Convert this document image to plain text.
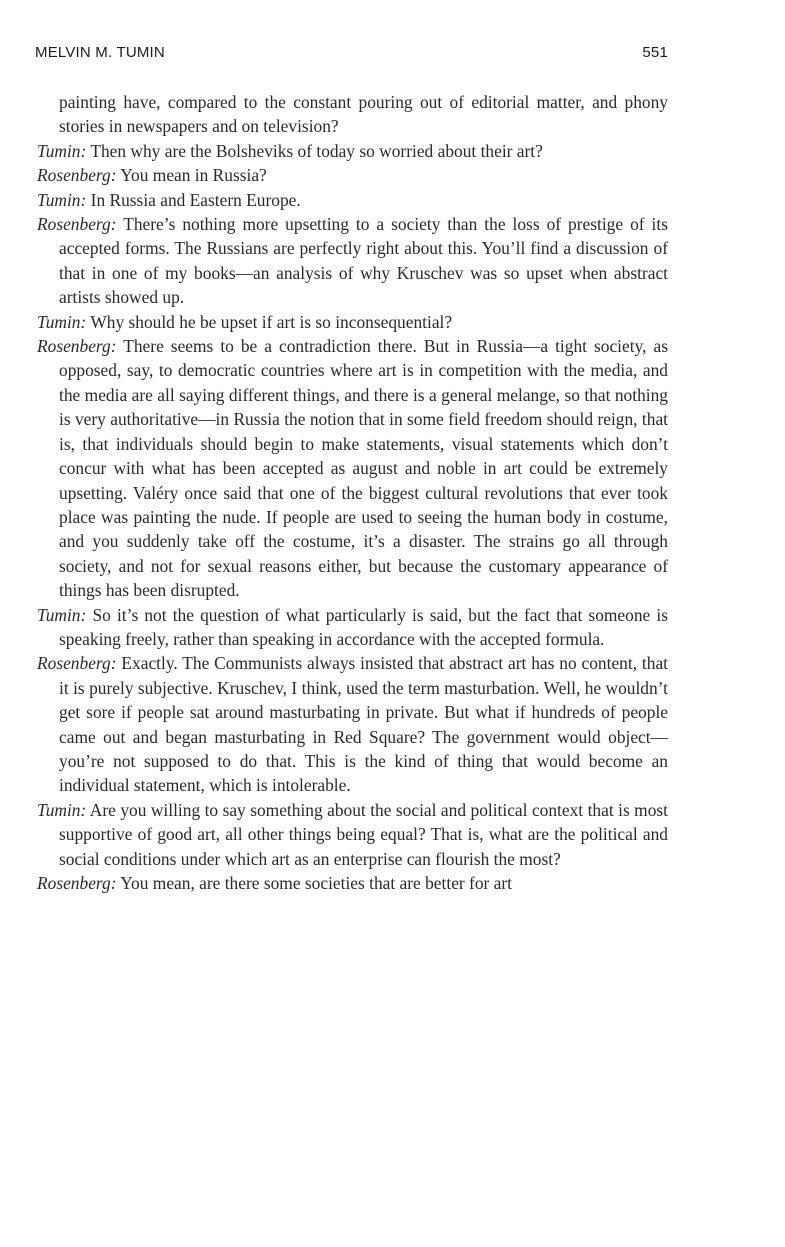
MELVIN M. TUMIN	551

painting have, compared to the constant pouring out of editorial matter, and phony stories in newspapers and on television?

Tumin: Then why are the Bolsheviks of today so worried about their art?

Rosenberg: You mean in Russia?

Tumin: In Russia and Eastern Europe.

Rosenberg: There’s nothing more upsetting to a society than the loss of prestige of its accepted forms. The Russians are perfectly right about this. You’ll find a discussion of that in one of my books—an analysis of why Kruschev was so upset when abstract artists showed up.

Tumin: Why should he be upset if art is so inconsequential?

Rosenberg: There seems to be a contradiction there. But in Russia—a tight society, as opposed, say, to democratic countries where art is in competition with the media, and the media are all saying different things, and there is a general melange, so that nothing is very authoritative—in Russia the notion that in some field freedom should reign, that is, that individuals should begin to make statements, visual statements which don’t concur with what has been accepted as august and noble in art could be extremely upsetting. Valéry once said that one of the biggest cultural revolutions that ever took place was painting the nude. If people are used to seeing the human body in costume, and you suddenly take off the costume, it’s a disaster. The strains go all through society, and not for sexual reasons either, but because the customary appearance of things has been disrupted.

Tumin: So it’s not the question of what particularly is said, but the fact that someone is speaking freely, rather than speaking in accordance with the accepted formula.

Rosenberg: Exactly. The Communists always insisted that abstract art has no content, that it is purely subjective. Kruschev, I think, used the term masturbation. Well, he wouldn’t get sore if people sat around masturbating in private. But what if hundreds of people came out and began masturbating in Red Square? The government would object—you’re not supposed to do that. This is the kind of thing that would become an individual statement, which is intolerable.

Tumin: Are you willing to say something about the social and political context that is most supportive of good art, all other things being equal? That is, what are the political and social conditions under which art as an enterprise can flourish the most?

Rosenberg: You mean, are there some societies that are better for art
